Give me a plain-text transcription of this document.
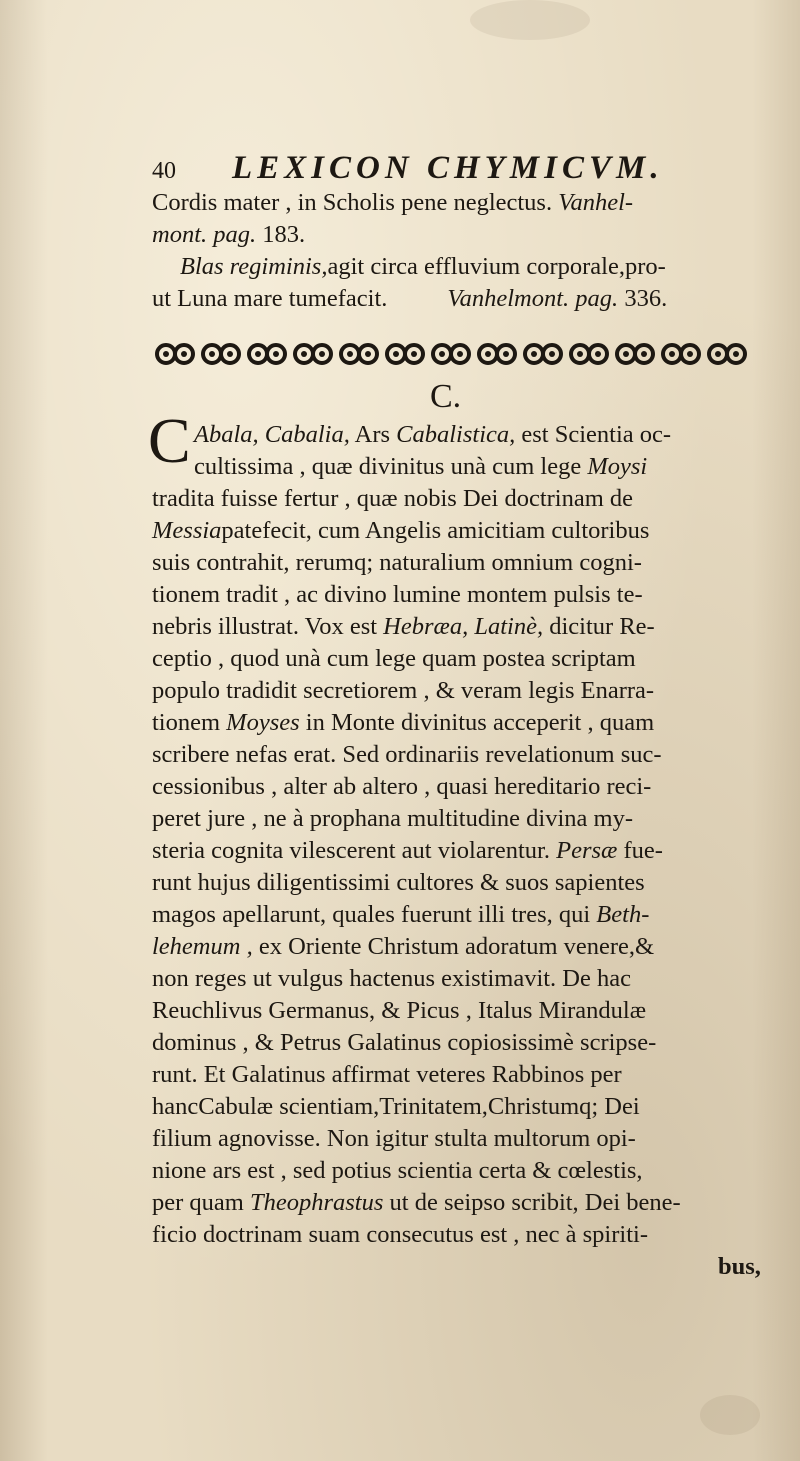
40 LEXICON CHYMICVM.
Cordis mater , in Scholis pene neglectus. Vanhel-
mont. pag. 183.
Blas regiminis,agit circa effluvium corporale,pro-
ut Luna mare tumefacit. Vanhelmont. pag. 336.
C.
C Abala, Cabalia, Ars Cabalistica, est Scientia oc-
cultissima , quæ divinitus unà cum lege Moysi
tradita fuisse fertur , quæ nobis Dei doctrinam de
Messiapatefecit, cum Angelis amicitiam cultoribus
suis contrahit, rerumq; naturalium omnium cogni-
tionem tradit , ac divino lumine montem pulsis te-
nebris illustrat. Vox est Hebræa, Latinè, dicitur Re-
ceptio , quod unà cum lege quam postea scriptam
populo tradidit secretiorem , & veram legis Enarra-
tionem Moyses in Monte divinitus acceperit , quam
scribere nefas erat. Sed ordinariis revelationum suc-
cessionibus , alter ab altero , quasi hereditario reci-
peret jure , ne à prophana multitudine divina my-
steria cognita vilescerent aut violarentur. Persæ fue-
runt hujus diligentissimi cultores & suos sapientes
magos apellarunt, quales fuerunt illi tres, qui Beth-
lehemum , ex Oriente Christum adoratum venere,&
non reges ut vulgus hactenus existimavit. De hac
Reuchlivus Germanus, & Picus , Italus Mirandulæ
dominus , & Petrus Galatinus copiosissimè scripse-
runt. Et Galatinus affirmat veteres Rabbinos per
hancCabulæ scientiam,Trinitatem,Christumq; Dei
filium agnovisse. Non igitur stulta multorum opi-
nione ars est , sed potius scientia certa & cœlestis,
per quam Theophrastus ut de seipso scribit, Dei bene-
ficio doctrinam suam consecutus est , nec à spiriti-
bus,
